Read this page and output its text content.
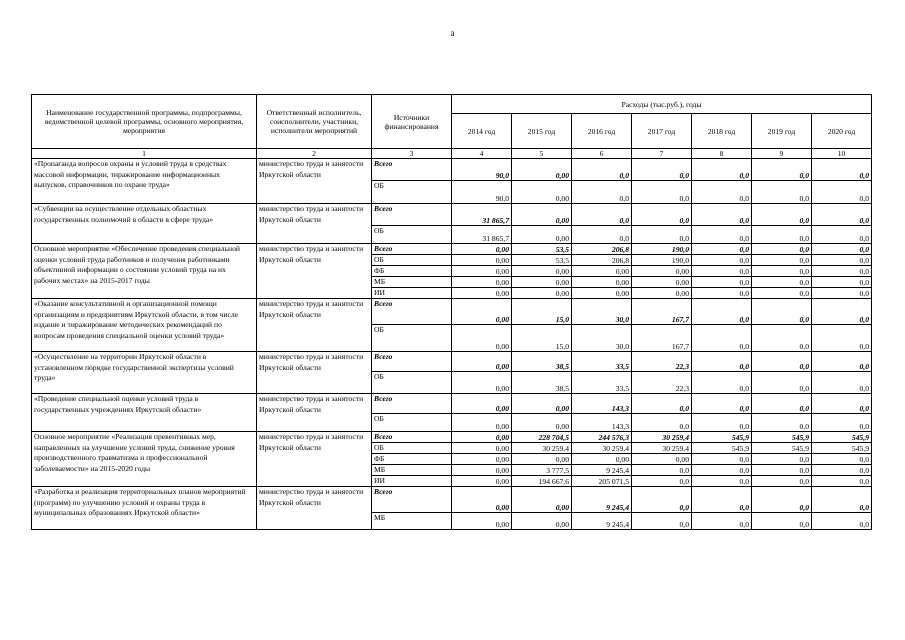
a
Наименование государственной программы, подпрограммы, ведомственной целевой программы, основного мероприятия, мероприятия	Ответственный исполнитель, соисполнители, участники, исполнители мероприятий	Источники финансирования	Расходы (тыс.руб.), годы						
			2014 год	2015 год	2016 год	2017 год	2018 год	2019 год	2020 год
1	2	3	4	5	6	7	8	9	10
«Пропаганда вопросов охраны и условий труда в средствах массовой информации, тиражирование информационных выпусков, справочников по охране труда»	министерство труда и занятости Иркутской области	Всего	90,0	0,00	0,0	0,0	0,0	0,0	0,0
		ОБ	90,0	0,00	0,0	0,0	0,0	0,0	0,0
«Субвенции на осуществление отдельных областных государственных полномочий в области в сфере труда»	министерство труда и занятости Иркутской области	Всего	31 865,7	0,00	0,0	0,0	0,0	0,0	0,0
		ОБ	31 865,7	0,00	0,0	0,0	0,0	0,0	0,0
Основное мероприятие «Обеспечение проведения специальной оценки условий труда работников и получения работниками объективной информации о состоянии условий труда на их рабочих местах» на 2015-2017 годы	министерство труда и занятости Иркутской области	Всего	0,00	53,5	206,8	190,0	0,0	0,0	0,0
		ОБ	0,00	53,5	206,8	190,0	0,0	0,0	0,0
		ФБ	0,00	0,00	0,00	0,00	0,0	0,0	0,0
		МБ	0,00	0,00	0,00	0,00	0,0	0,0	0,0
		ИИ	0,00	0,00	0,00	0,00	0,0	0,0	0,0
«Оказание консультативной и организационной помощи организациям и предприятиям Иркутской области, в том числе издание и тиражирование методических рекомендаций по вопросам проведения специальной оценки условий труда»	министерство труда и занятости Иркутской области	Всего	0,00	15,0	30,0	167,7	0,0	0,0	0,0
		ОБ	0,00	15,0	30,0	167,7	0,0	0,0	0,0
«Осуществление на территории Иркутской области в установленном порядке государственной экспертизы условий труда»	министерство труда и занятости Иркутской области	Всего	0,00	38,5	33,5	22,3	0,0	0,0	0,0
		ОБ	0,00	38,5	33,5	22,3	0,0	0,0	0,0
«Проведение специальной оценки условий труда в государственных учреждениях Иркутской области»	министерство труда и занятости Иркутской области	Всего	0,00	0,00	143,3	0,0	0,0	0,0	0,0
		ОБ	0,00	0,00	143,3	0,0	0,0	0,0	0,0
Основное мероприятие «Реализация превентивных мер, направленных на улучшение условий труда, снижение уровня производственного травматизма и профессиональной заболеваемости» на 2015-2020 годы	министерство труда и занятости Иркутской области	Всего	0,00	228 704,5	244 576,3	30 259,4	545,9	545,9	545,9
		ОБ	0,00	30 259,4	30 259,4	30 259,4	545,9	545,9	545,9
		ФБ	0,00	0,00	0,00	0,00	0,0	0,0	0,0
		МБ	0,00	3 777,5	9 245,4	0,0	0,0	0,0	0,0
		ИИ	0,00	194 667,6	205 071,5	0,0	0,0	0,0	0,0
«Разработка и реализация территориальных планов мероприятий (программ) по улучшению условий и охраны труда в муниципальных образованиях Иркутской области»	министерство труда и занятости Иркутской области	Всего	0,00	0,00	9 245,4	0,0	0,0	0,0	0,0
		МБ	0,00	0,00	9 245,4	0,0	0,0	0,0	0,0
